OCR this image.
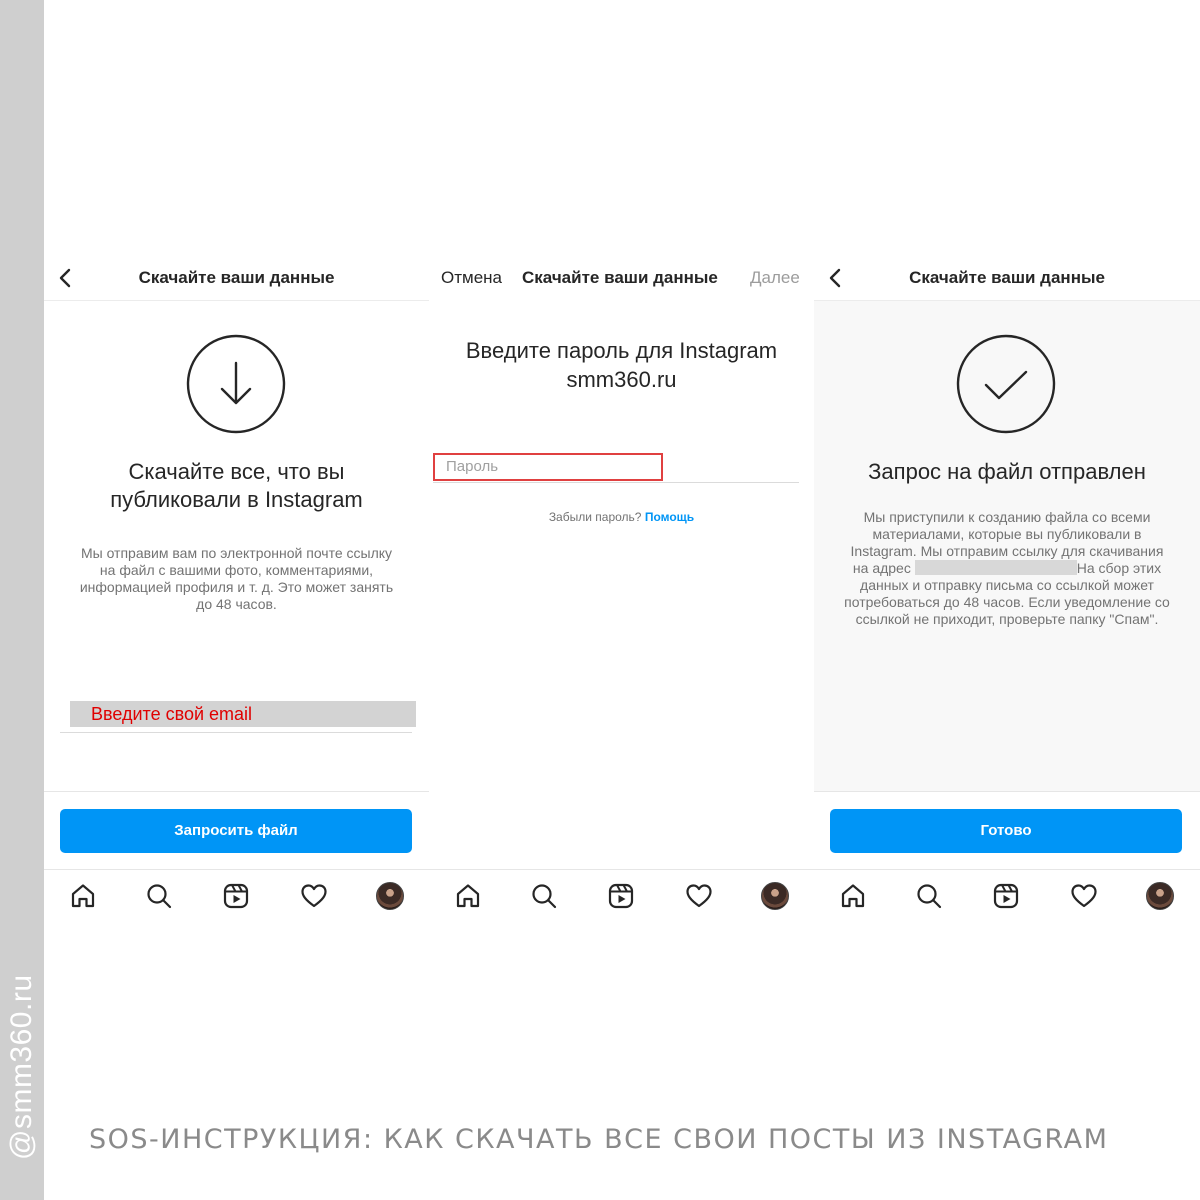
@smm360.ru
Скачайте ваши данные
Скачайте все, что вы
публиковали в Instagram
Мы отправим вам по электронной почте ссылку
на файл с вашими фото, комментариями,
информацией профиля и т. д. Это может занять
до 48 часов.
Введите свой email
Запросить файл
Отмена Скачайте ваши данные Далее
Введите пароль для Instagram
smm360.ru
Пароль
Забыли пароль? Помощь
Скачайте ваши данные
Запрос на файл отправлен
Мы приступили к созданию файла со всеми
материалами, которые вы публиковали в
Instagram. Мы отправим ссылку для скачивания
на адрес	На сбор этих
данных и отправку письма со ссылкой может
потребоваться до 48 часов. Если уведомление со
ссылкой не приходит, проверьте папку "Спам".
Готово
SOS-ИНСТРУКЦИЯ: КАК СКАЧАТЬ ВСЕ СВОИ ПОСТЫ ИЗ INSTAGRAM
